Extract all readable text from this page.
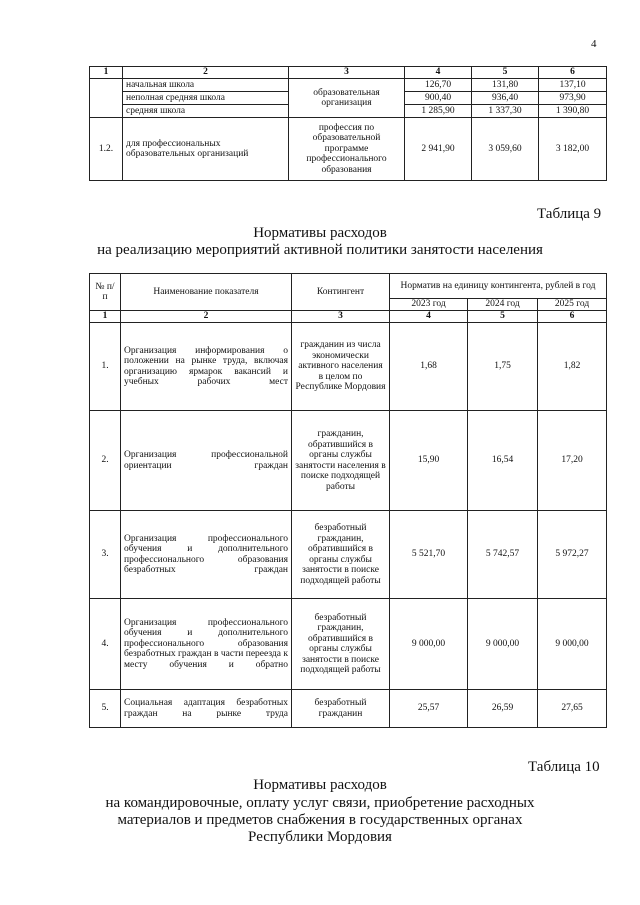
4
1	2	3	4	5	6
	начальная школа	образовательная организация	126,70	131,80	137,10
	неполная средняя школа		900,40	936,40	973,90
	средняя школа		1 285,90	1 337,30	1 390,80
1.2.	для профессиональных образовательных организаций	профессия по образовательной программе профессионального образования	2 941,90	3 059,60	3 182,00
Таблица 9
Нормативы расходов
на реализацию мероприятий активной политики занятости населения
№ п/п	Наименование показателя	Контингент	Норматив на единицу контингента, рублей в год		
			2023 год	2024 год	2025 год
1	2	3	4	5	6
1.	Организация информирования о положении на рынке труда, включая организацию ярмарок вакансий и учебных рабочих мест	гражданин из числа экономически активного населения в целом по Республике Мордовия	1,68	1,75	1,82
2.	Организация профессиональной ориентации граждан	гражданин, обратившийся в органы службы занятости населения в поиске подходящей работы	15,90	16,54	17,20
3.	Организация профессионального обучения и дополнительного профессионального образования безработных граждан	безработный гражданин, обратившийся в органы службы занятости в поиске подходящей работы	5 521,70	5 742,57	5 972,27
4.	Организация профессионального обучения и дополнительного профессионального образования безработных граждан в части переезда к месту обучения и обратно	безработный гражданин, обратившийся в органы службы занятости в поиске подходящей работы	9 000,00	9 000,00	9 000,00
5.	Социальная адаптация безработных граждан на рынке труда	безработный гражданин	25,57	26,59	27,65
Таблица 10
Нормативы расходов
на командировочные, оплату услуг связи, приобретение расходных
материалов и предметов снабжения в государственных органах
Республики Мордовия
